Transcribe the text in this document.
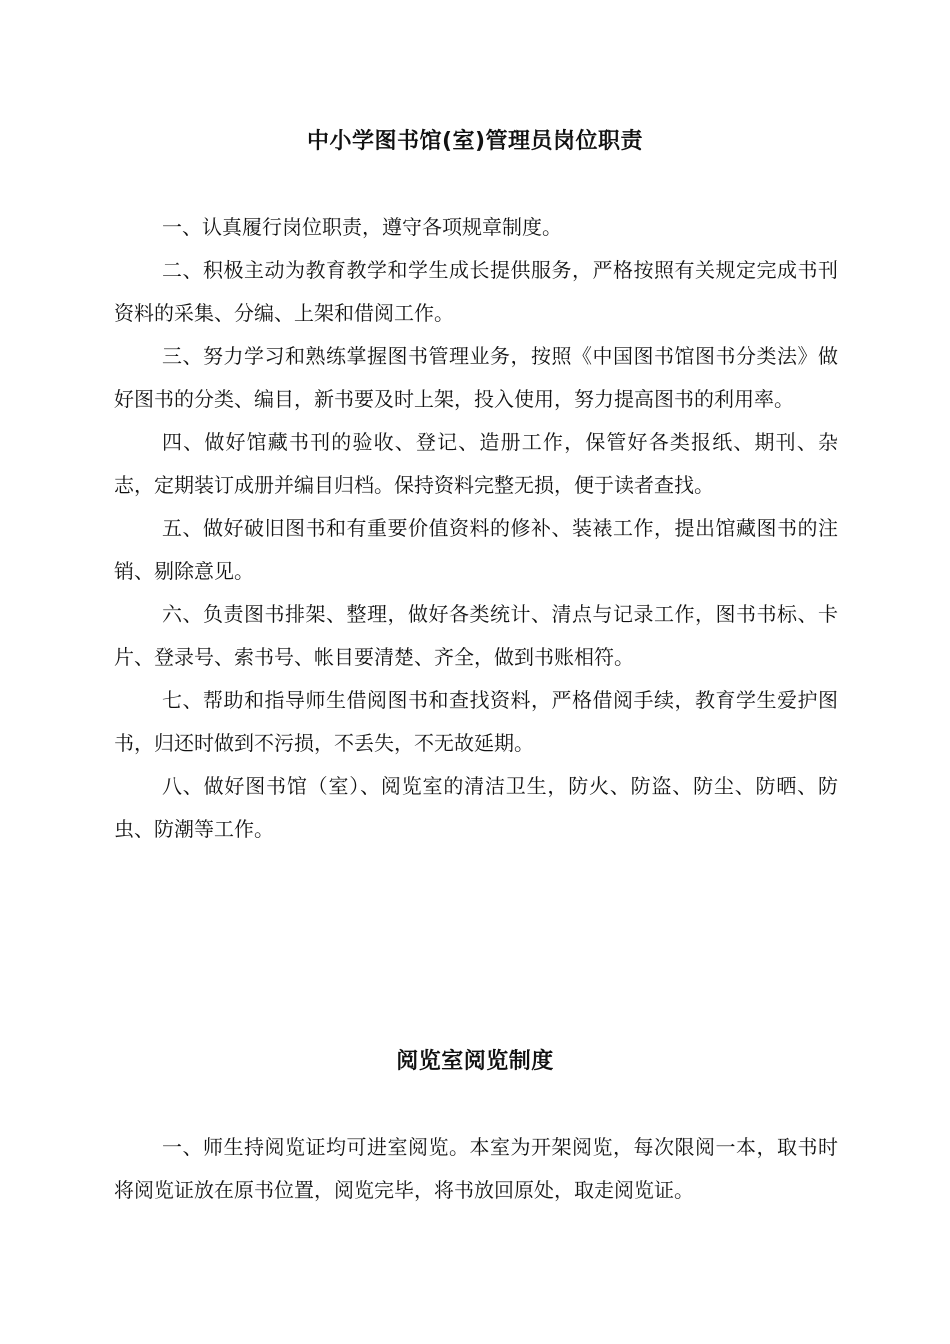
中小学图书馆(室)管理员岗位职责

一、认真履行岗位职责，遵守各项规章制度。

二、积极主动为教育教学和学生成长提供服务，严格按照有关规定完成书刊资料的采集、分编、上架和借阅工作。

三、努力学习和熟练掌握图书管理业务，按照《中国图书馆图书分类法》做好图书的分类、编目，新书要及时上架，投入使用，努力提高图书的利用率。

四、做好馆藏书刊的验收、登记、造册工作，保管好各类报纸、期刊、杂志，定期装订成册并编目归档。保持资料完整无损，便于读者查找。

五、做好破旧图书和有重要价值资料的修补、装裱工作，提出馆藏图书的注销、剔除意见。

六、负责图书排架、整理，做好各类统计、清点与记录工作，图书书标、卡片、登录号、索书号、帐目要清楚、齐全，做到书账相符。

七、帮助和指导师生借阅图书和查找资料，严格借阅手续，教育学生爱护图书，归还时做到不污损，不丢失，不无故延期。

八、做好图书馆（室）、阅览室的清洁卫生，防火、防盗、防尘、防晒、防虫、防潮等工作。

阅览室阅览制度

一、师生持阅览证均可进室阅览。本室为开架阅览，每次限阅一本，取书时将阅览证放在原书位置，阅览完毕，将书放回原处，取走阅览证。
